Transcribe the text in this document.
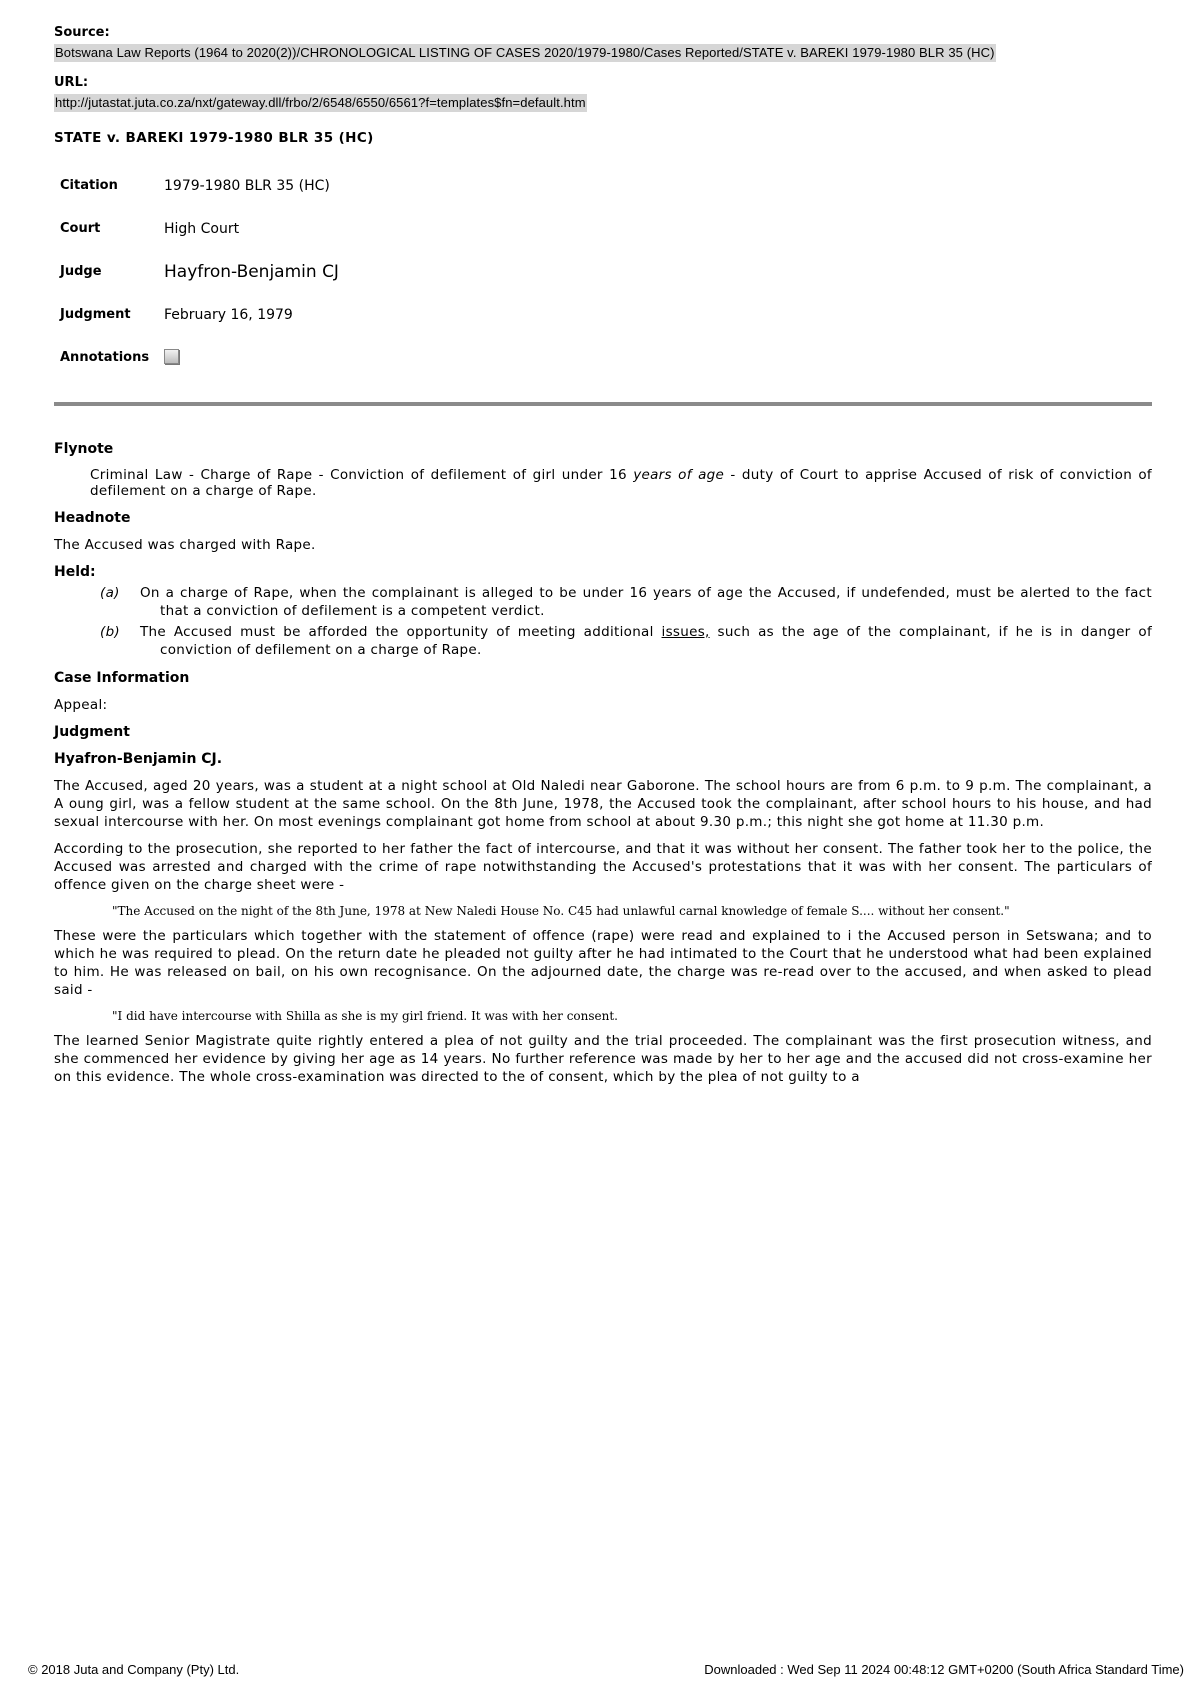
Source:
Botswana Law Reports (1964 to 2020(2))/CHRONOLOGICAL LISTING OF CASES 2020/1979-1980/Cases Reported/STATE v. BAREKI 1979-1980 BLR 35 (HC)
URL:
http://jutastat.juta.co.za/nxt/gateway.dll/frbo/2/6548/6550/6561?f=templates$fn=default.htm
STATE v. BAREKI 1979-1980 BLR 35 (HC)
Citation	1979-1980 BLR 35 (HC)
Court	High Court
Judge	Hayfron-Benjamin CJ
Judgment	February 16, 1979
Annotations	
Flynote

Criminal Law - Charge of Rape - Conviction of defilement of girl under 16 years of age - duty of Court to apprise Accused of risk of conviction of defilement on a charge of Rape.

Headnote

The Accused was charged with Rape.

Held:
(a) On a charge of Rape, when the complainant is alleged to be under 16 years of age the Accused, if undefended, must be alerted to the fact that a conviction of defilement is a competent verdict.
(b) The Accused must be afforded the opportunity of meeting additional issues, such as the age of the complainant, if he is in danger of conviction of defilement on a charge of Rape.
Case Information

Appeal:

Judgment
Hyafron-Benjamin CJ.

The Accused, aged 20 years, was a student at a night school at Old Naledi near Gaborone. The school hours are from 6 p.m. to 9 p.m. The complainant, a A oung girl, was a fellow student at the same school. On the 8th June, 1978, the Accused took the complainant, after school hours to his house, and had sexual intercourse with her. On most evenings complainant got home from school at about 9.30 p.m.; this night she got home at 11.30 p.m.

According to the prosecution, she reported to her father the fact of intercourse, and that it was without her consent. The father took her to the police, the Accused was arrested and charged with the crime of rape notwithstanding the Accused's protestations that it was with her consent. The particulars of offence given on the charge sheet were -

"The Accused on the night of the 8th June, 1978 at New Naledi House No. C45 had unlawful carnal knowledge of female S.... without her consent."

These were the particulars which together with the statement of offence (rape) were read and explained to i the Accused person in Setswana; and to which he was required to plead. On the return date he pleaded not guilty after he had intimated to the Court that he understood what had been explained to him. He was released on bail, on his own recognisance. On the adjourned date, the charge was re-read over to the accused, and when asked to plead said -

"I did have intercourse with Shilla as she is my girl friend. It was with her consent.

The learned Senior Magistrate quite rightly entered a plea of not guilty and the trial proceeded. The complainant was the first prosecution witness, and she commenced her evidence by giving her age as 14 years. No further reference was made by her to her age and the accused did not cross-examine her on this evidence. The whole cross-examination was directed to the of consent, which by the plea of not guilty to a

© 2018 Juta and Company (Pty) Ltd.	Downloaded : Wed Sep 11 2024 00:48:12 GMT+0200 (South Africa Standard Time)
